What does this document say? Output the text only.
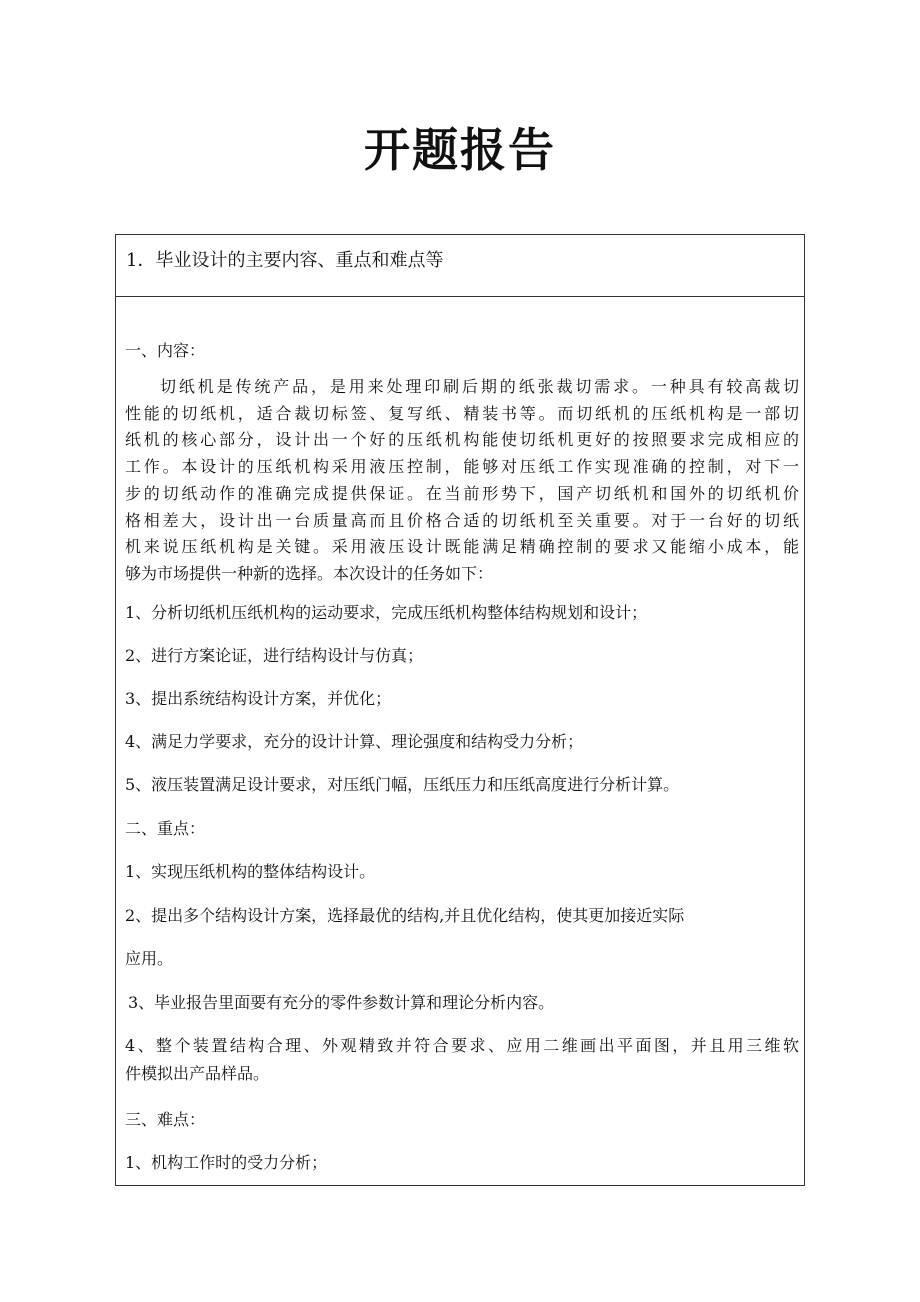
开题报告
1．毕业设计的主要内容、重点和难点等
一、内容：
切纸机是传统产品，是用来处理印刷后期的纸张裁切需求。一种具有较高裁切
性能的切纸机，适合裁切标签、复写纸、精装书等。而切纸机的压纸机构是一部切
纸机的核心部分，设计出一个好的压纸机构能使切纸机更好的按照要求完成相应的
工作。本设计的压纸机构采用液压控制，能够对压纸工作实现准确的控制，对下一
步的切纸动作的准确完成提供保证。在当前形势下，国产切纸机和国外的切纸机价
格相差大，设计出一台质量高而且价格合适的切纸机至关重要。对于一台好的切纸
机来说压纸机构是关键。采用液压设计既能满足精确控制的要求又能缩小成本，能
够为市场提供一种新的选择。本次设计的任务如下：
1、分析切纸机压纸机构的运动要求，完成压纸机构整体结构规划和设计；
2、进行方案论证，进行结构设计与仿真；
3、提出系统结构设计方案，并优化；
4、满足力学要求，充分的设计计算、理论强度和结构受力分析；
5、液压装置满足设计要求，对压纸门幅，压纸压力和压纸高度进行分析计算。
二、重点：
1、实现压纸机构的整体结构设计。
2、提出多个结构设计方案，选择最优的结构,并且优化结构，使其更加接近实际
应用。
3、毕业报告里面要有充分的零件参数计算和理论分析内容。
4、整个装置结构合理、外观精致并符合要求、应用二维画出平面图，并且用三维软
件模拟出产品样品。
三、难点：
1、机构工作时的受力分析；
